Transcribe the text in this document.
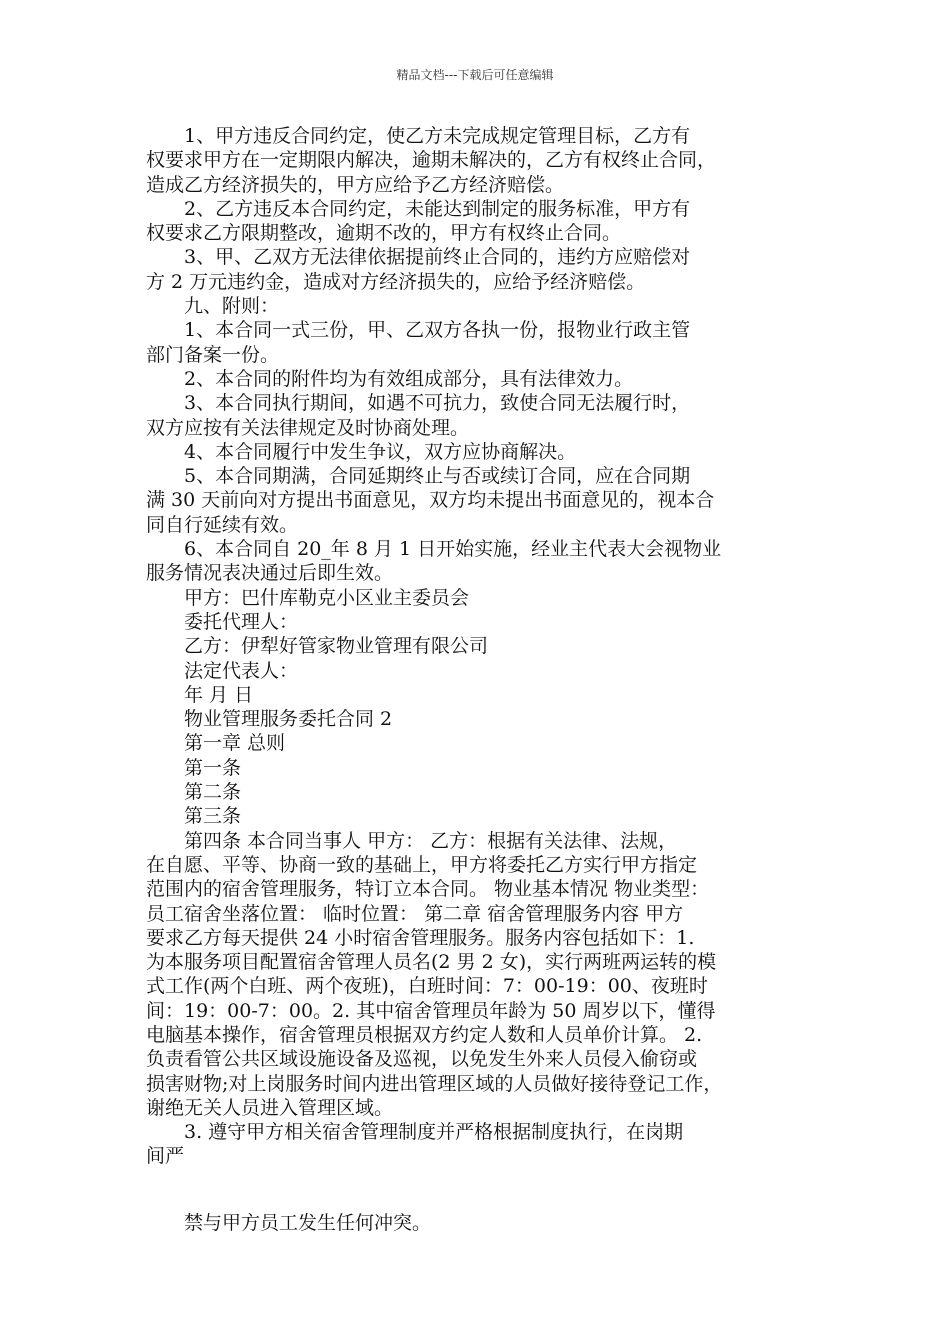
精品文档---下载后可任意编辑
　　1、甲方违反合同约定，使乙方未完成规定管理目标，乙方有
权要求甲方在一定期限内解决，逾期未解决的，乙方有权终止合同，
造成乙方经济损失的，甲方应给予乙方经济赔偿。
　　2、乙方违反本合同约定，未能达到制定的服务标准，甲方有
权要求乙方限期整改，逾期不改的，甲方有权终止合同。
　　3、甲、乙双方无法律依据提前终止合同的，违约方应赔偿对
方 2 万元违约金，造成对方经济损失的，应给予经济赔偿。
　　九、附则：
　　1、本合同一式三份，甲、乙双方各执一份，报物业行政主管
部门备案一份。
　　2、本合同的附件均为有效组成部分，具有法律效力。
　　3、本合同执行期间，如遇不可抗力，致使合同无法履行时，
双方应按有关法律规定及时协商处理。
　　4、本合同履行中发生争议，双方应协商解决。
　　5、本合同期满，合同延期终止与否或续订合同，应在合同期
满 30 天前向对方提出书面意见，双方均未提出书面意见的，视本合
同自行延续有效。
　　6、本合同自 20_年 8 月 1 日开始实施，经业主代表大会视物业
服务情况表决通过后即生效。
　　甲方：巴什库勒克小区业主委员会
　　委托代理人：
　　乙方：伊犁好管家物业管理有限公司
　　法定代表人：
　　年 月 日
　　物业管理服务委托合同 2
　　第一章 总则
　　第一条
　　第二条
　　第三条
　　第四条 本合同当事人 甲方： 乙方：根据有关法律、法规，
在自愿、平等、协商一致的基础上，甲方将委托乙方实行甲方指定
范围内的宿舍管理服务，特订立本合同。 物业基本情况 物业类型：
员工宿舍坐落位置： 临时位置： 第二章 宿舍管理服务内容 甲方
要求乙方每天提供 24 小时宿舍管理服务。服务内容包括如下：1.
为本服务项目配置宿舍管理人员名(2 男 2 女)，实行两班两运转的模
式工作(两个白班、两个夜班)，白班时间：7：00-19：00、夜班时
间：19：00-7：00。2. 其中宿舍管理员年龄为 50 周岁以下，懂得
电脑基本操作，宿舍管理员根据双方约定人数和人员单价计算。 2.
负责看管公共区域设施设备及巡视，以免发生外来人员侵入偷窃或
损害财物;对上岗服务时间内进出管理区域的人员做好接待登记工作，
谢绝无关人员进入管理区域。
　　3. 遵守甲方相关宿舍管理制度并严格根据制度执行，在岗期
间严
　　禁与甲方员工发生任何冲突。
